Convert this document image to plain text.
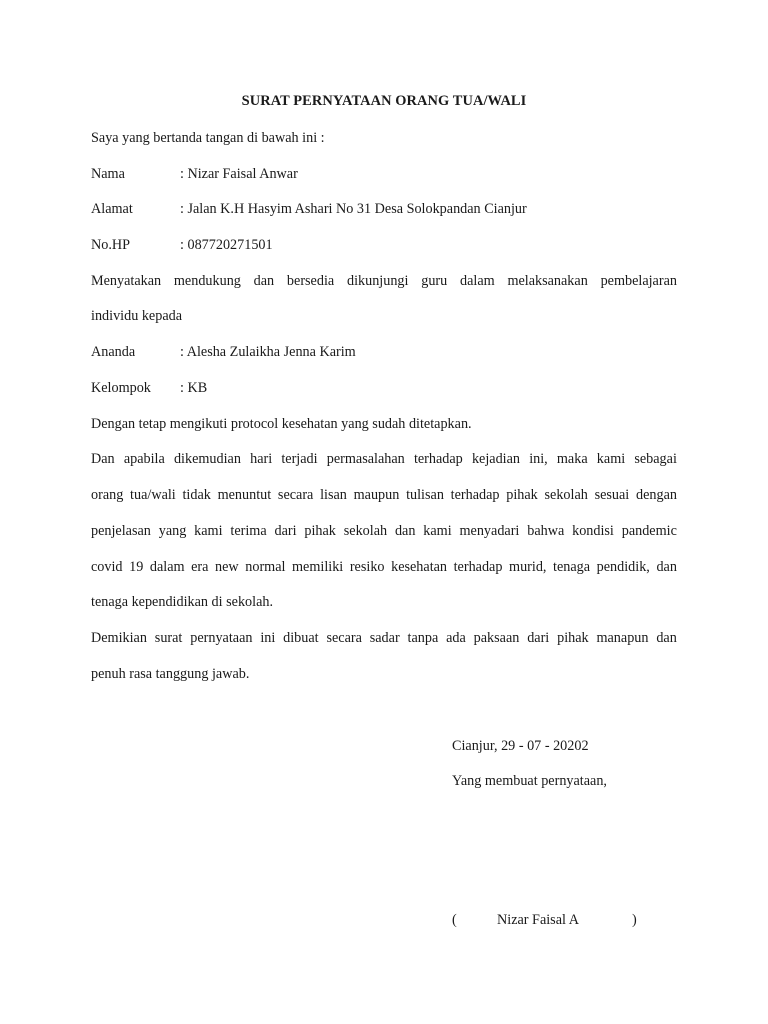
SURAT PERNYATAAN ORANG TUA/WALI
Saya yang bertanda tangan di bawah ini :
Nama	: Nizar Faisal Anwar
Alamat	: Jalan K.H Hasyim Ashari No 31 Desa Solokpandan Cianjur
No.HP	: 087720271501
Menyatakan mendukung dan bersedia dikunjungi guru dalam melaksanakan pembelajaran
individu kepada
Ananda	: Alesha Zulaikha Jenna Karim
Kelompok : KB
Dengan tetap mengikuti protocol kesehatan yang sudah ditetapkan.
Dan apabila dikemudian hari terjadi permasalahan terhadap kejadian ini, maka kami sebagai
orang tua/wali tidak menuntut secara lisan maupun tulisan terhadap pihak sekolah sesuai dengan
penjelasan yang kami terima dari pihak sekolah dan kami menyadari bahwa kondisi pandemic
covid 19 dalam era new normal memiliki resiko kesehatan terhadap murid, tenaga pendidik, dan
tenaga kependidikan di sekolah.
Demikian surat pernyataan ini dibuat secara sadar tanpa ada paksaan dari pihak manapun dan
penuh rasa tanggung jawab.
Cianjur, 29 - 07 - 20202
Yang membuat pernyataan,
(	Nizar Faisal A	)
